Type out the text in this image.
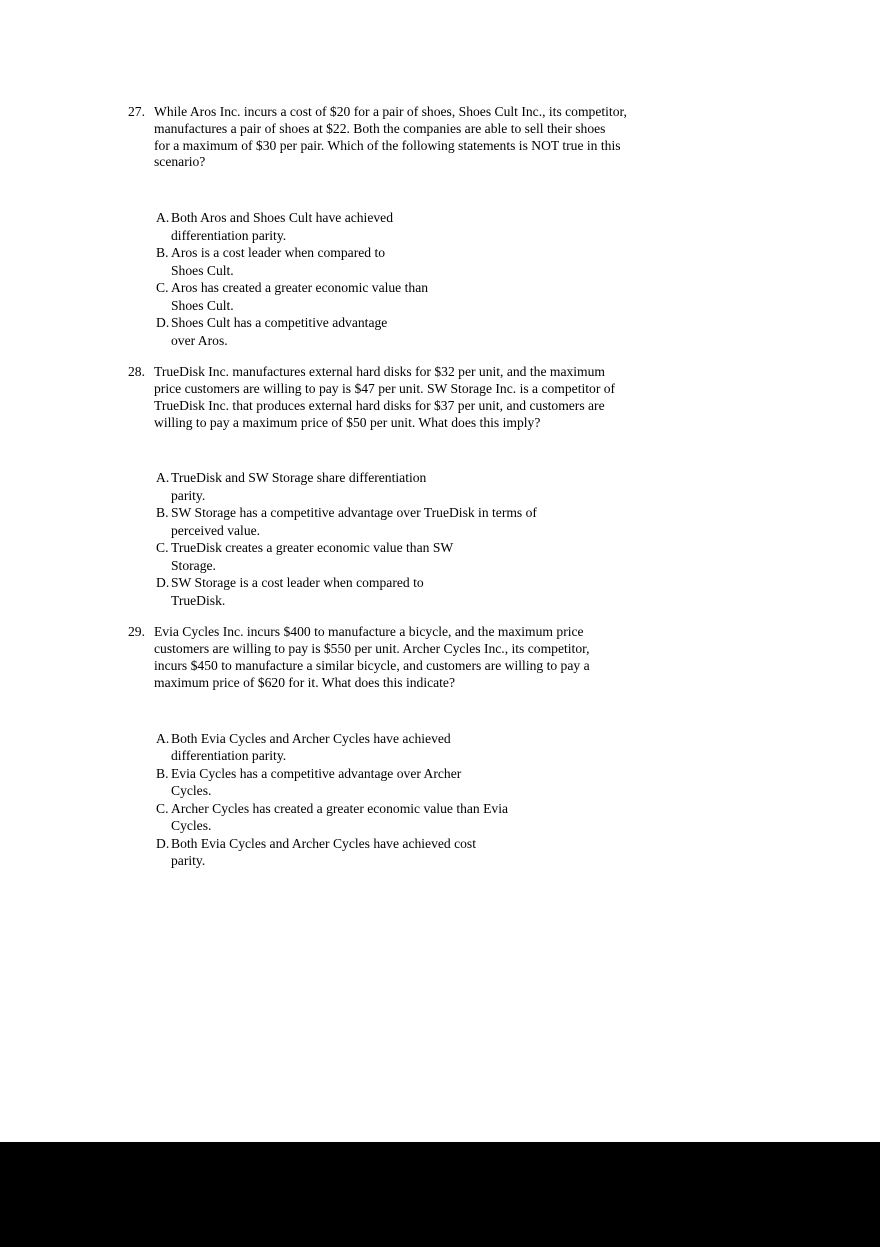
27. While Aros Inc. incurs a cost of $20 for a pair of shoes, Shoes Cult Inc., its competitor,
manufactures a pair of shoes at $22. Both the companies are able to sell their shoes
for a maximum of $30 per pair. Which of the following statements is NOT true in this
scenario?
A. Both Aros and Shoes Cult have achieved
differentiation parity.
B. Aros is a cost leader when compared to
Shoes Cult.
C. Aros has created a greater economic value than
Shoes Cult.
D. Shoes Cult has a competitive advantage
over Aros.
28. TrueDisk Inc. manufactures external hard disks for $32 per unit, and the maximum
price customers are willing to pay is $47 per unit. SW Storage Inc. is a competitor of
TrueDisk Inc. that produces external hard disks for $37 per unit, and customers are
willing to pay a maximum price of $50 per unit. What does this imply?
A. TrueDisk and SW Storage share differentiation
parity.
B. SW Storage has a competitive advantage over TrueDisk in terms of
perceived value.
C. TrueDisk creates a greater economic value than SW
Storage.
D. SW Storage is a cost leader when compared to
TrueDisk.
29. Evia Cycles Inc. incurs $400 to manufacture a bicycle, and the maximum price
customers are willing to pay is $550 per unit. Archer Cycles Inc., its competitor,
incurs $450 to manufacture a similar bicycle, and customers are willing to pay a
maximum price of $620 for it. What does this indicate?
A. Both Evia Cycles and Archer Cycles have achieved
differentiation parity.
B. Evia Cycles has a competitive advantage over Archer
Cycles.
C. Archer Cycles has created a greater economic value than Evia
Cycles.
D. Both Evia Cycles and Archer Cycles have achieved cost
parity.
